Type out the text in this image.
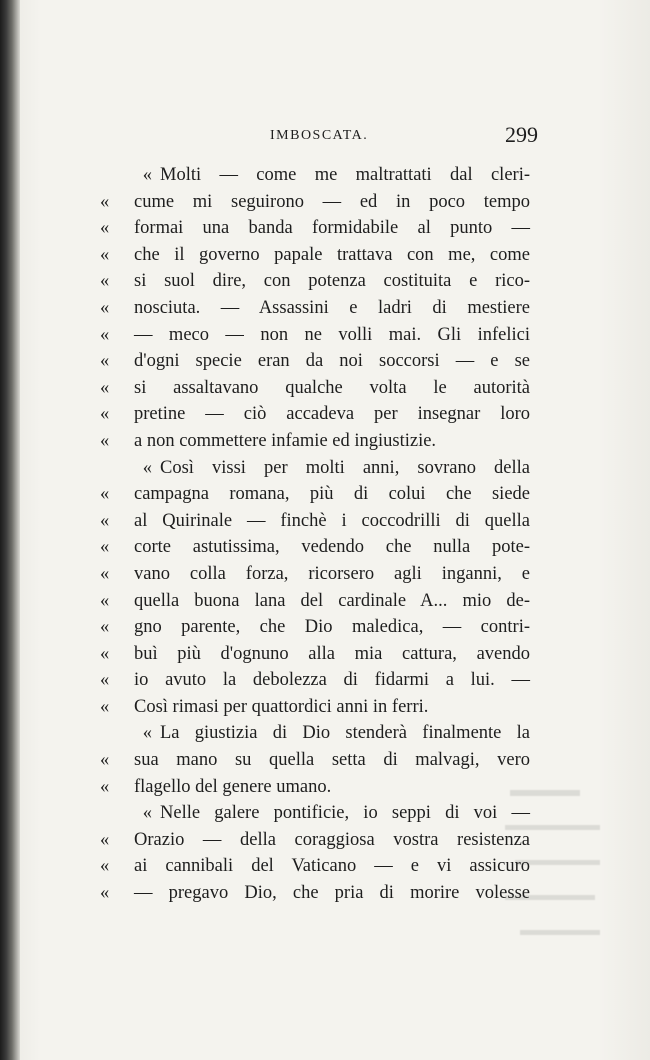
IMBOSCATA.	299
« Molti — come me maltrattati dal cleri-
«	cume mi seguirono — ed in poco tempo
«	formai una banda formidabile al punto —
«	che il governo papale trattava con me, come
«	si suol dire, con potenza costituita e rico-
«	nosciuta. — Assassini e ladri di mestiere
«	— meco — non ne volli mai. Gli infelici
«	d'ogni specie eran da noi soccorsi — e se
«	si assaltavano qualche volta le autorità
«	pretine — ciò accadeva per insegnar loro
«	a non commettere infamie ed ingiustizie.
« Così vissi per molti anni, sovrano della
«	campagna romana, più di colui che siede
«	al Quirinale — finchè i coccodrilli di quella
«	corte astutissima, vedendo che nulla pote-
«	vano colla forza, ricorsero agli inganni, e
«	quella buona lana del cardinale A... mio de-
«	gno parente, che Dio maledica, — contri-
«	buì più d'ognuno alla mia cattura, avendo
«	io avuto la debolezza di fidarmi a lui. —
«	Così rimasi per quattordici anni in ferri.
« La giustizia di Dio stenderà finalmente la
«	sua mano su quella setta di malvagi, vero
«	flagello del genere umano.
« Nelle galere pontificie, io seppi di voi —
«	Orazio — della coraggiosa vostra resistenza
«	ai cannibali del Vaticano — e vi assicuro
«	— pregavo Dio, che pria di morire volesse
